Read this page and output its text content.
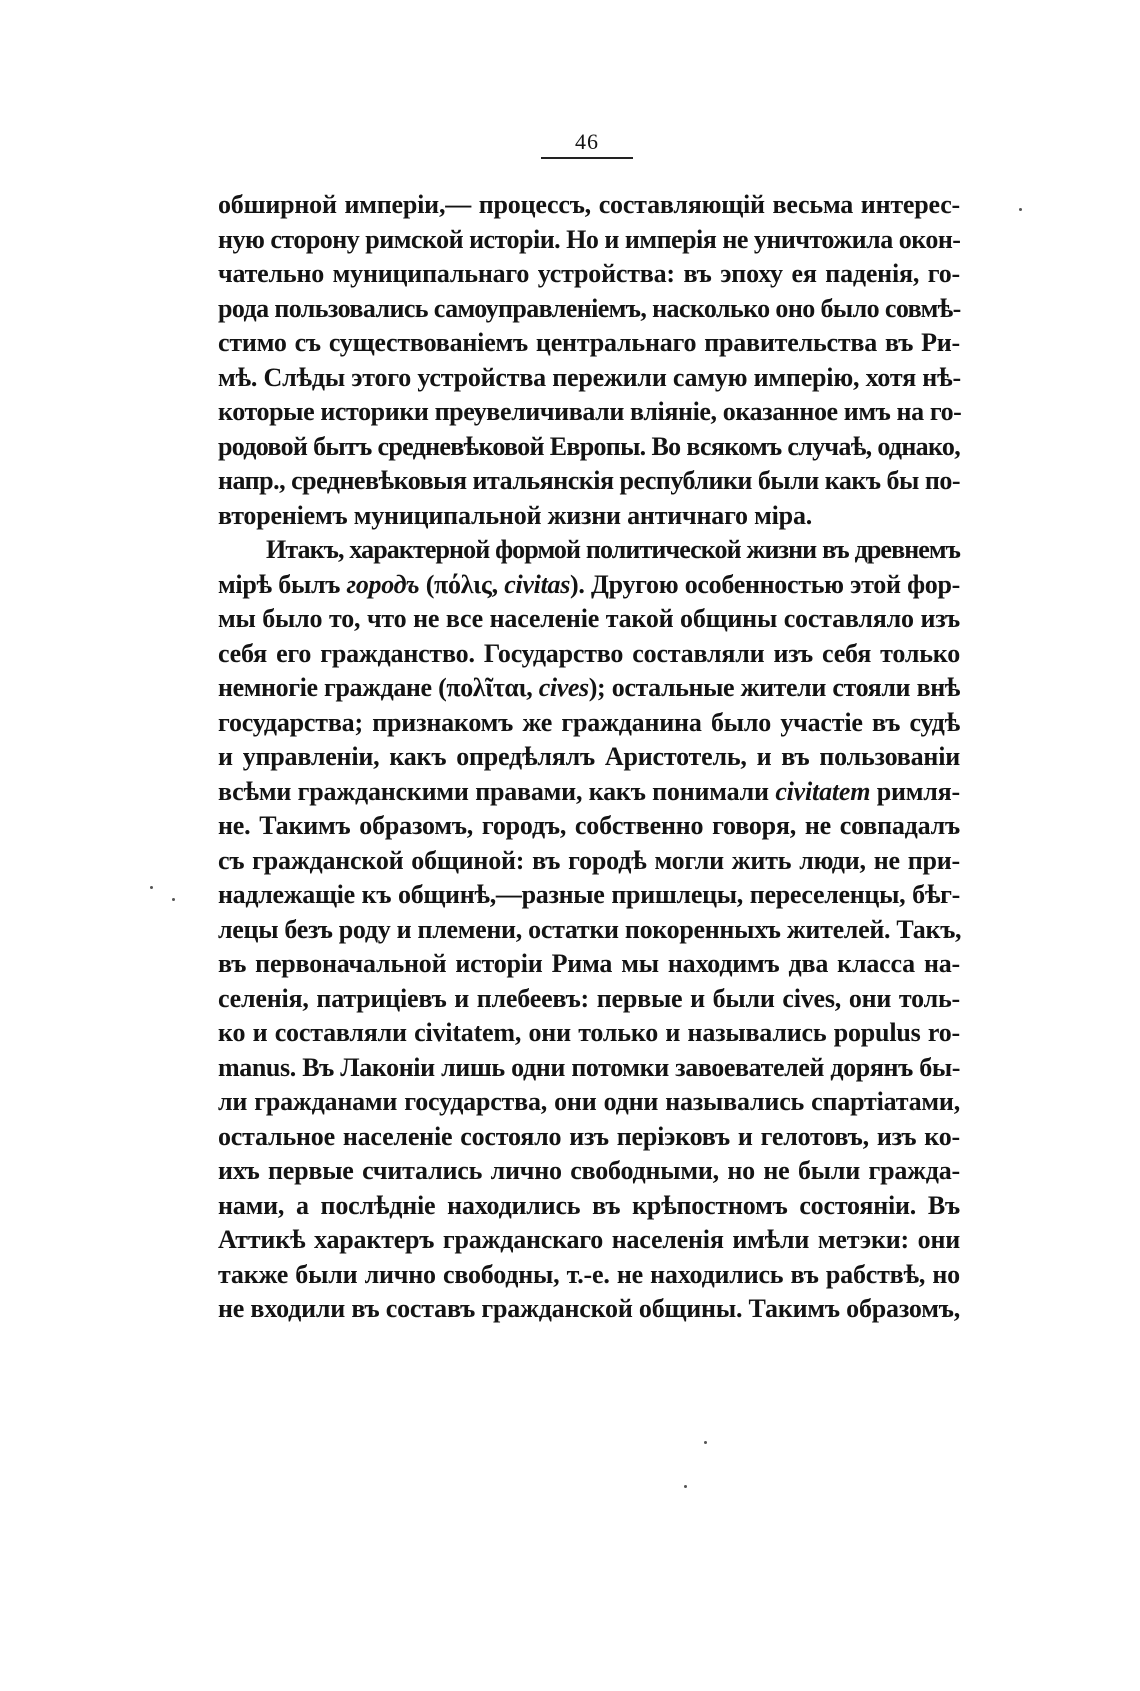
46
обширной имперіи,— процессъ, составляющій весьма интерес-
ную сторону римской исторіи. Но и имперія не уничтожила окон-
чательно муниципальнаго устройства: въ эпоху ея паденія, го-
рода пользовались самоуправленіемъ, насколько оно было совмѣ-
стимо съ существованіемъ центральнаго правительства въ Ри-
мѣ. Слѣды этого устройства пережили самую имперію, хотя нѣ-
которые историки преувеличивали вліяніе, оказанное имъ на го-
родовой бытъ средневѣковой Европы. Во всякомъ случаѣ, однако,
напр., средневѣковыя итальянскія республики были какъ бы по-
втореніемъ муниципальной жизни античнаго міра.
Итакъ, характерной формой политической жизни въ древнемъ
мірѣ былъ городъ (πόλις, civitas). Другою особенностью этой фор-
мы было то, что не все населеніе такой общины составляло изъ
себя его гражданство. Государство составляли изъ себя только
немногіе граждане (πολῖται, cives); остальные жители стояли внѣ
государства; признакомъ же гражданина было участіе въ судѣ
и управленіи, какъ опредѣлялъ Аристотель, и въ пользованіи
всѣми гражданскими правами, какъ понимали civitatem римля-
не. Такимъ образомъ, городъ, собственно говоря, не совпадалъ
съ гражданской общиной: въ городѣ могли жить люди, не при-
надлежащіе къ общинѣ,—разные пришлецы, переселенцы, бѣг-
лецы безъ роду и племени, остатки покоренныхъ жителей. Такъ,
въ первоначальной исторіи Рима мы находимъ два класса на-
селенія, патриціевъ и плебеевъ: первые и были cives, они толь-
ко и составляли civitatem, они только и назывались populus ro-
manus. Въ Лаконіи лишь одни потомки завоевателей дорянъ бы-
ли гражданами государства, они одни назывались спартіатами,
остальное населеніе состояло изъ періэковъ и гелотовъ, изъ ко-
ихъ первые считались лично свободными, но не были гражда-
нами, а послѣдніе находились въ крѣпостномъ состояніи. Въ
Аттикѣ характеръ гражданскаго населенія имѣли метэки: они
также были лично свободны, т.-е. не находились въ рабствѣ, но
не входили въ составъ гражданской общины. Такимъ образомъ,
